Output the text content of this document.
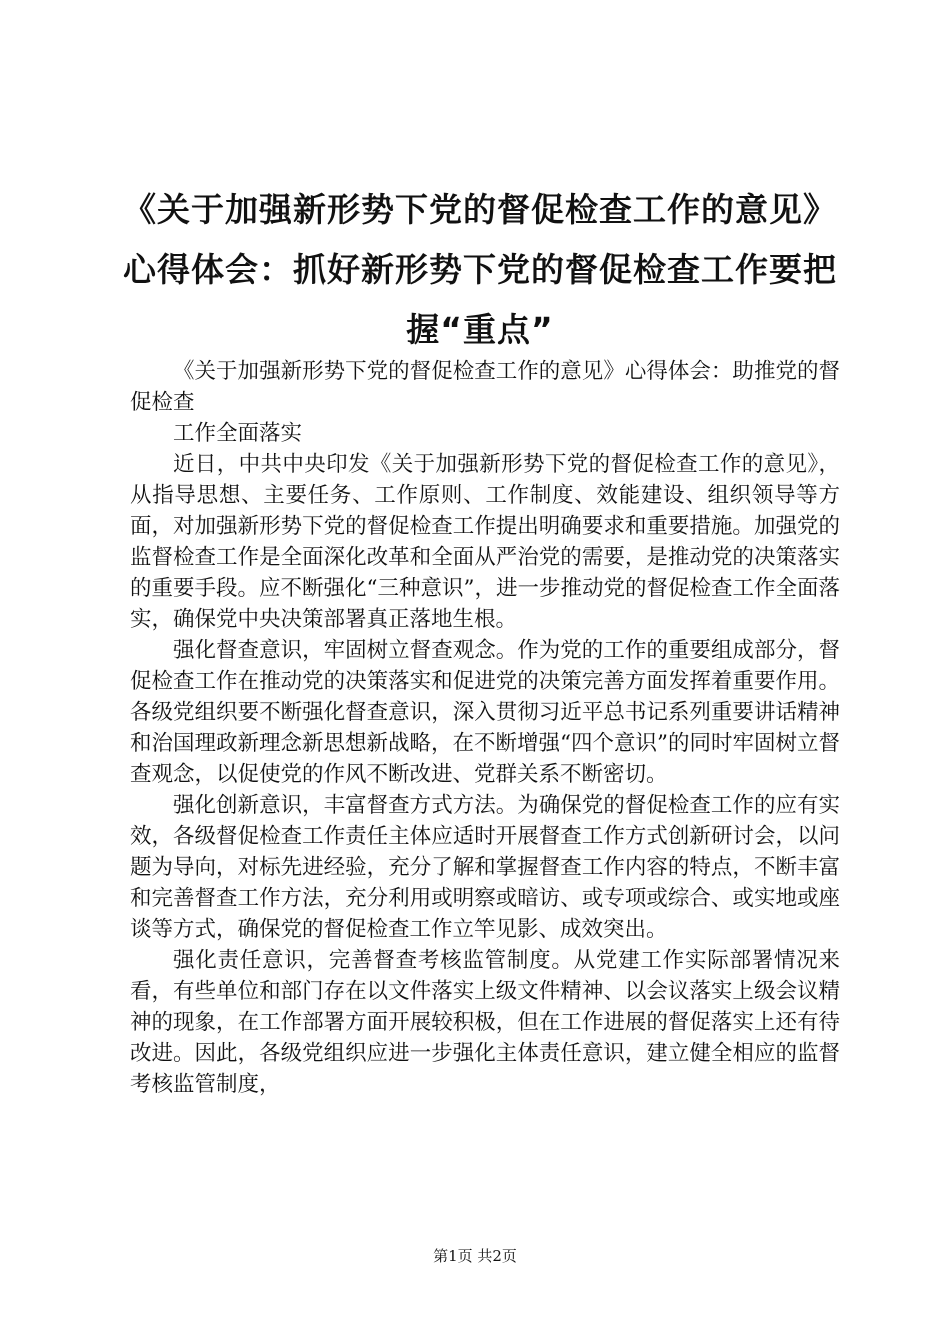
《关于加强新形势下党的督促检查工作的意见》心得体会：抓好新形势下党的督促检查工作要把握“重点”

《关于加强新形势下党的督促检查工作的意见》心得体会：助推党的督促检查

工作全面落实

近日，中共中央印发《关于加强新形势下党的督促检查工作的意见》，从指导思想、主要任务、工作原则、工作制度、效能建设、组织领导等方面，对加强新形势下党的督促检查工作提出明确要求和重要措施。加强党的监督检查工作是全面深化改革和全面从严治党的需要，是推动党的决策落实的重要手段。应不断强化“三种意识”，进一步推动党的督促检查工作全面落实，确保党中央决策部署真正落地生根。

强化督查意识，牢固树立督查观念。作为党的工作的重要组成部分，督促检查工作在推动党的决策落实和促进党的决策完善方面发挥着重要作用。各级党组织要不断强化督查意识，深入贯彻习近平总书记系列重要讲话精神和治国理政新理念新思想新战略，在不断增强“四个意识”的同时牢固树立督查观念，以促使党的作风不断改进、党群关系不断密切。

强化创新意识，丰富督查方式方法。为确保党的督促检查工作的应有实效，各级督促检查工作责任主体应适时开展督查工作方式创新研讨会，以问题为导向，对标先进经验，充分了解和掌握督查工作内容的特点，不断丰富和完善督查工作方法，充分利用或明察或暗访、或专项或综合、或实地或座谈等方式，确保党的督促检查工作立竿见影、成效突出。

强化责任意识，完善督查考核监管制度。从党建工作实际部署情况来看，有些单位和部门存在以文件落实上级文件精神、以会议落实上级会议精神的现象，在工作部署方面开展较积极，但在工作进展的督促落实上还有待改进。因此，各级党组织应进一步强化主体责任意识，建立健全相应的监督考核监管制度，

第1页 共2页
